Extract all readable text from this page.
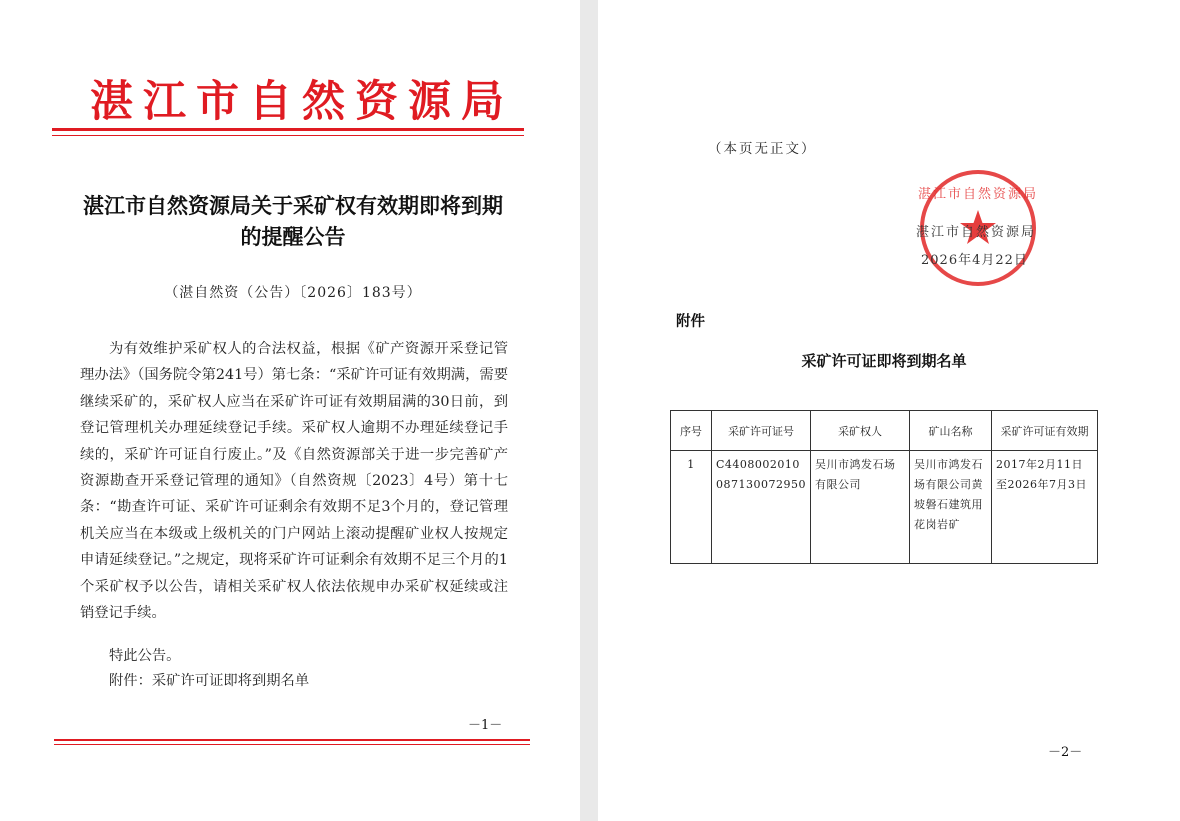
湛江市自然资源局
湛江市自然资源局关于采矿权有效期即将到期
的提醒公告
（湛自然资（公告）〔2026〕183号）
为有效维护采矿权人的合法权益，根据《矿产资源开采登记管理办法》（国务院令第241号）第七条：“采矿许可证有效期满，需要继续采矿的，采矿权人应当在采矿许可证有效期届满的30日前，到登记管理机关办理延续登记手续。采矿权人逾期不办理延续登记手续的，采矿许可证自行废止。”及《自然资源部关于进一步完善矿产资源勘查开采登记管理的通知》（自然资规〔2023〕4号）第十七条：“勘查许可证、采矿许可证剩余有效期不足3个月的，登记管理机关应当在本级或上级机关的门户网站上滚动提醒矿业权人按规定申请延续登记。”之规定，现将采矿许可证剩余有效期不足三个月的1个采矿权予以公告，请相关采矿权人依法依规申办采矿权延续或注销登记手续。
特此公告。
附件：采矿许可证即将到期名单
－1－
（本页无正文）
湛江市自然资源局
湛江市自然资源局
2026年4月22日
附件
采矿许可证即将到期名单
序号	采矿许可证号	采矿权人	矿山名称	采矿许可证有效期
1	C4408002010087130072950	吴川市鸿发石场有限公司	吴川市鸿发石场有限公司黄坡磐石建筑用花岗岩矿	2017年2月11日至2026年7月3日
－2－
